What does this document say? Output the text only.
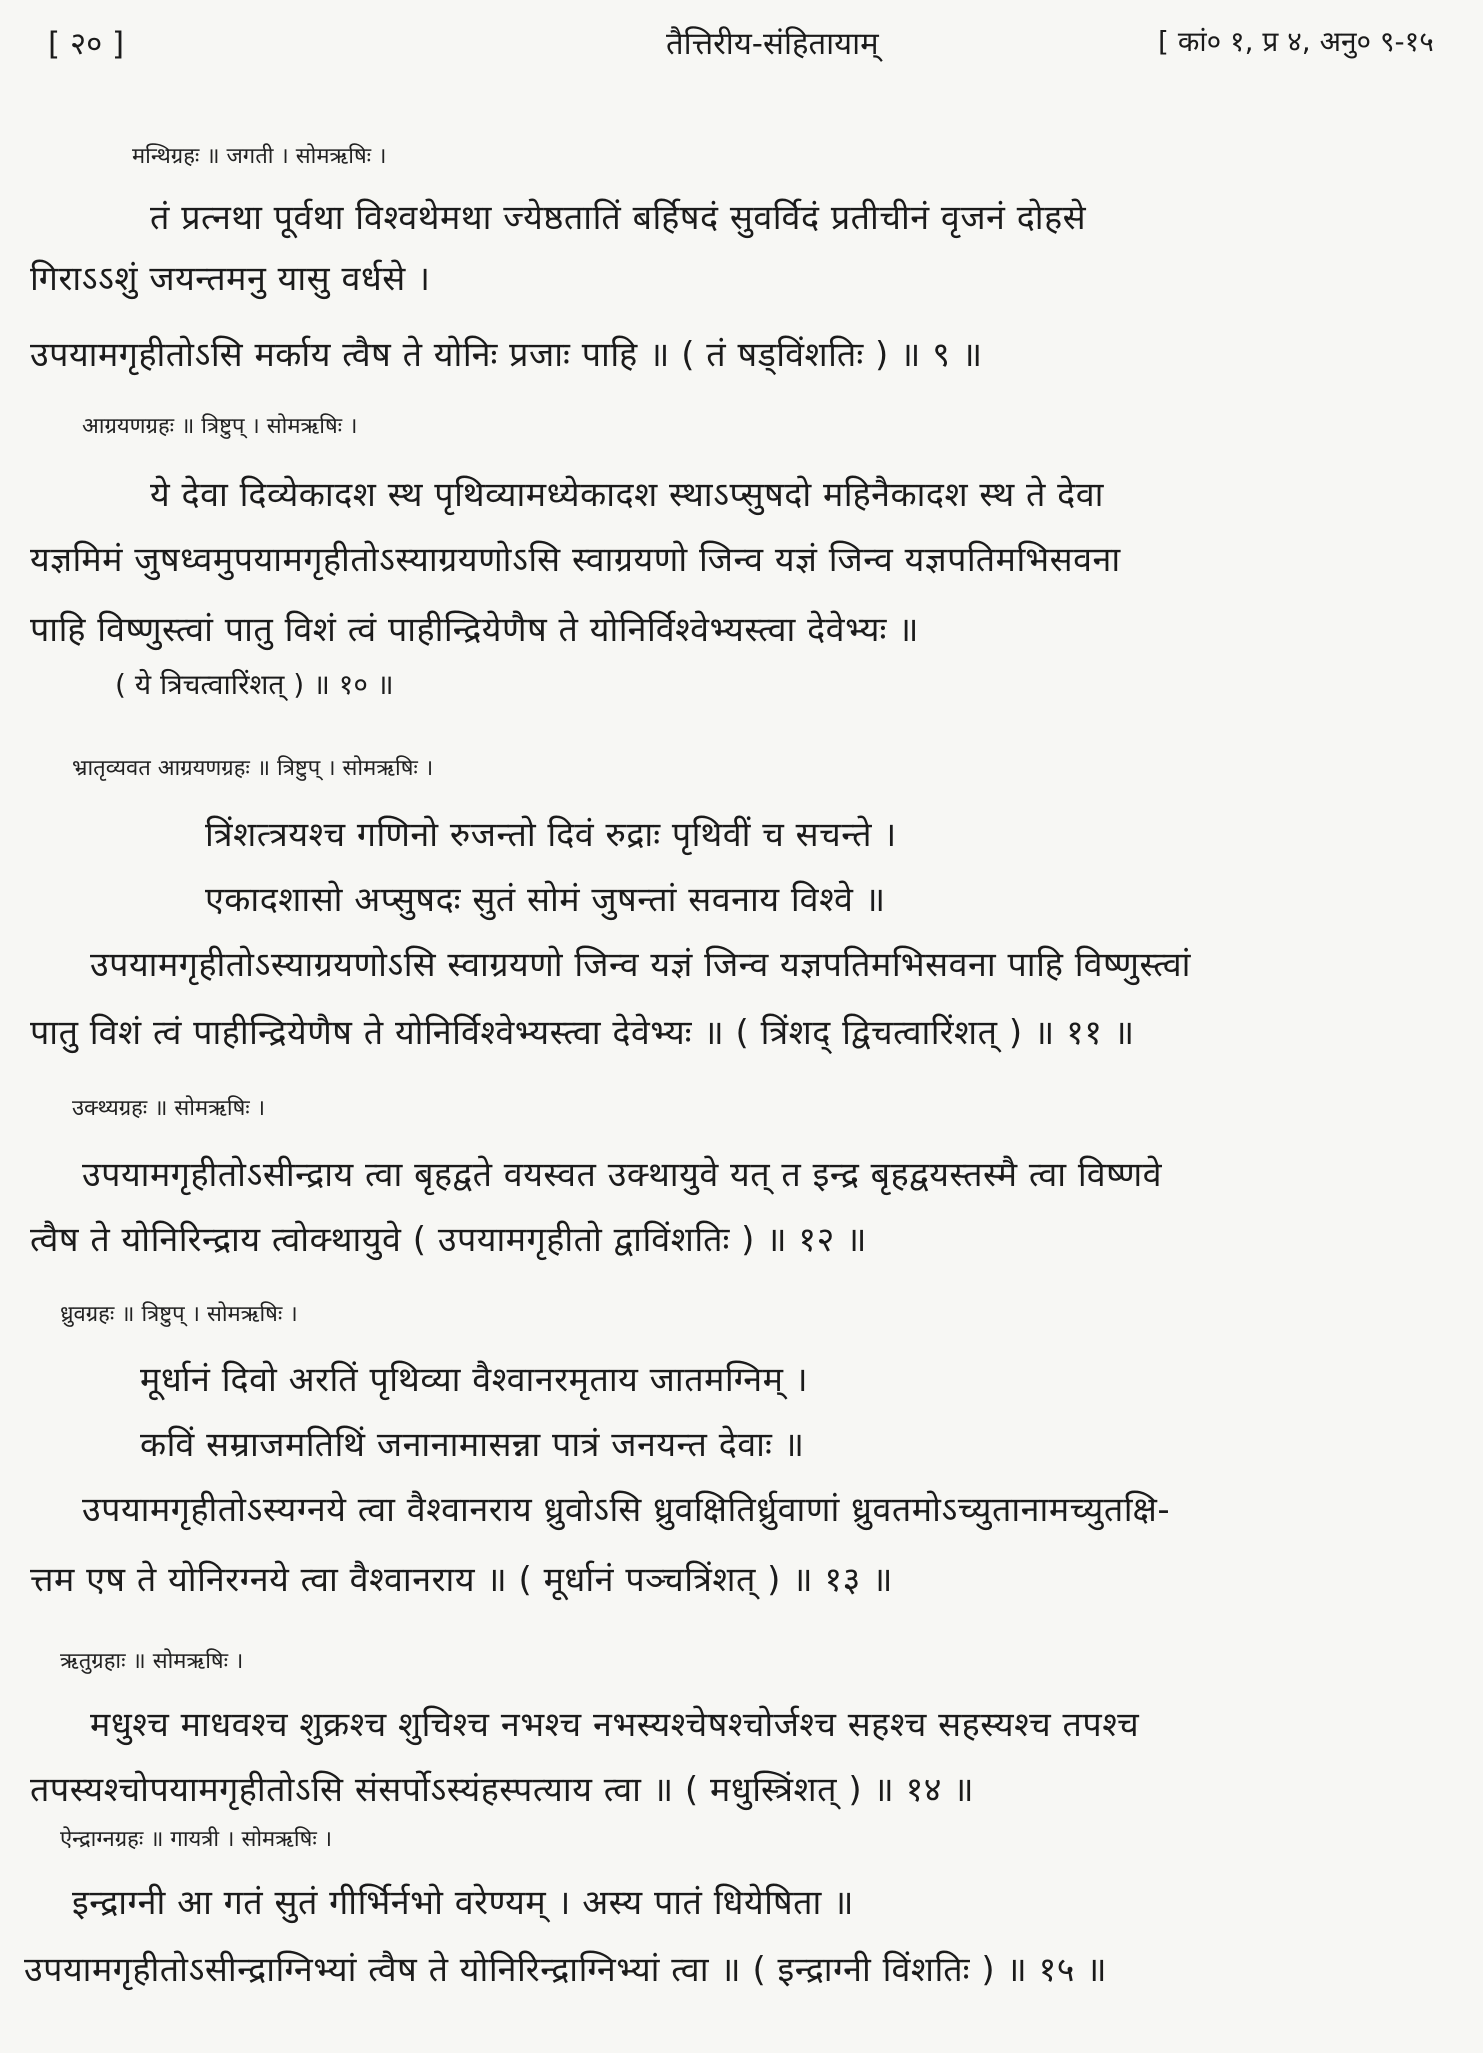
[ २० ]	तैत्तिरीय-संहितायाम्	[ कां० १, प्र ४, अनु० ९-१५
मन्थिग्रहः ॥ जगती । सोमऋषिः ।
तं प्रत्नथा पूर्वथा विश्वथेमथा ज्येष्ठतातिं बर्हिषदं सुवर्विदं प्रतीचीनं वृजनं दोहसे
गिराऽऽशुं जयन्तमनु यासु वर्धसे ।
उपयामगृहीतोऽसि मर्काय त्वैष ते योनिः प्रजाः पाहि ॥ ( तं षड्विंशतिः ) ॥ ९ ॥
आग्रयणग्रहः ॥ त्रिष्टुप् । सोमऋषिः ।
ये देवा दिव्येकादश स्थ पृथिव्यामध्येकादश स्थाऽप्सुषदो महिनैकादश स्थ ते देवा
यज्ञमिमं जुषध्वमुपयामगृहीतोऽस्याग्रयणोऽसि स्वाग्रयणो जिन्व यज्ञं जिन्व यज्ञपतिमभिसवना
पाहि विष्णुस्त्वां पातु विशं त्वं पाहीन्द्रियेणैष ते योनिर्विश्वेभ्यस्त्वा देवेभ्यः ॥
( ये त्रिचत्वारिंशत् ) ॥ १० ॥
भ्रातृव्यवत आग्रयणग्रहः ॥ त्रिष्टुप् । सोमऋषिः ।
त्रिंशत्त्रयश्च गणिनो रुजन्तो दिवं रुद्राः पृथिवीं च सचन्ते ।
एकादशासो अप्सुषदः सुतं सोमं जुषन्तां सवनाय विश्वे ॥
उपयामगृहीतोऽस्याग्रयणोऽसि स्वाग्रयणो जिन्व यज्ञं जिन्व यज्ञपतिमभिसवना पाहि विष्णुस्त्वां
पातु विशं त्वं पाहीन्द्रियेणैष ते योनिर्विश्वेभ्यस्त्वा देवेभ्यः ॥ ( त्रिंशद् द्विचत्वारिंशत् ) ॥ ११ ॥
उक्थ्यग्रहः ॥ सोमऋषिः ।
उपयामगृहीतोऽसीन्द्राय त्वा बृहद्वते वयस्वत उक्थायुवे यत् त इन्द्र बृहद्वयस्तस्मै त्वा विष्णवे
त्वैष ते योनिरिन्द्राय त्वोक्थायुवे ( उपयामगृहीतो द्वाविंशतिः ) ॥ १२ ॥
ध्रुवग्रहः ॥ त्रिष्टुप् । सोमऋषिः ।
मूर्धानं दिवो अरतिं पृथिव्या वैश्वानरमृताय जातमग्निम् ।
कविं सम्राजमतिथिं जनानामासन्ना पात्रं जनयन्त देवाः ॥
उपयामगृहीतोऽस्यग्नये त्वा वैश्वानराय ध्रुवोऽसि ध्रुवक्षितिर्ध्रुवाणां ध्रुवतमोऽच्युतानामच्युतक्षि-
त्तम एष ते योनिरग्नये त्वा वैश्वानराय ॥ ( मूर्धानं पञ्चत्रिंशत् ) ॥ १३ ॥
ऋतुग्रहाः ॥ सोमऋषिः ।
मधुश्च माधवश्च शुक्रश्च शुचिश्च नभश्च नभस्यश्चेषश्चोर्जश्च सहश्च सहस्यश्च तपश्च
तपस्यश्चोपयामगृहीतोऽसि संसर्पोऽस्यंहस्पत्याय त्वा ॥ ( मधुस्त्रिंशत् ) ॥ १४ ॥
ऐन्द्राग्नग्रहः ॥ गायत्री । सोमऋषिः ।
इन्द्राग्नी आ गतं सुतं गीर्भिर्नभो वरेण्यम् । अस्य पातं धियेषिता ॥
उपयामगृहीतोऽसीन्द्राग्निभ्यां त्वैष ते योनिरिन्द्राग्निभ्यां त्वा ॥ ( इन्द्राग्नी विंशतिः ) ॥ १५ ॥
